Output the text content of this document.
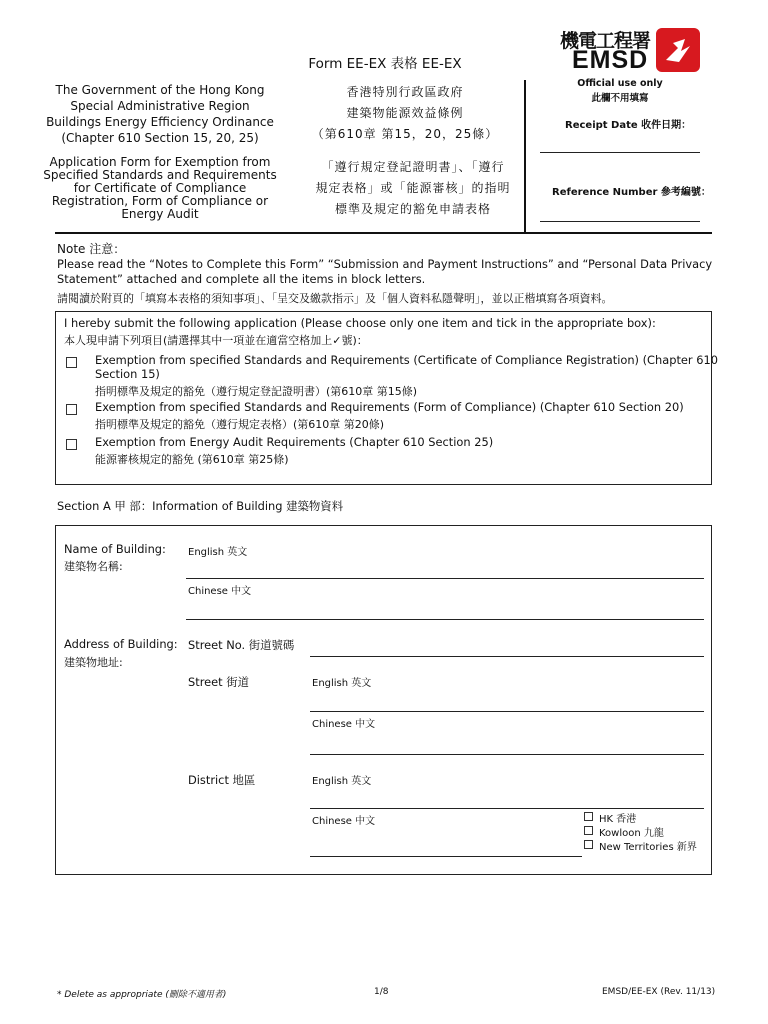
Form EE-EX 表格 EE-EX
The Government of the Hong Kong
Special Administrative Region
Buildings Energy Efficiency Ordinance
(Chapter 610 Section 15, 20, 25)
Application Form for Exemption from
Specified Standards and Requirements
for Certificate of Compliance
Registration, Form of Compliance or
Energy Audit
香港特別行政區政府
建築物能源效益條例
（第610章 第15，20，25條）
「遵行規定登記證明書」、「遵行
規定表格」或「能源審核」的指明
標準及規定的豁免申請表格
機電工程署
EMSD
Official use only
此欄不用填寫
Receipt Date 收件日期：
Reference Number 參考編號：
Note 注意：
Please read the “Notes to Complete this Form” “Submission and Payment Instructions” and “Personal Data Privacy
Statement” attached and complete all the items in block letters.
請閱讀於附頁的「填寫本表格的須知事項」、「呈交及繳款指示」及「個人資料私隱聲明」，並以正楷填寫各項資料。
I hereby submit the following application (Please choose only one item and tick in the appropriate box):
本人現申請下列項目(請選擇其中一項並在適當空格加上✓號)：
Exemption from specified Standards and Requirements (Certificate of Compliance Registration) (Chapter 610
Section 15)
指明標準及規定的豁免（遵行規定登記證明書）(第610章 第15條)
Exemption from specified Standards and Requirements (Form of Compliance) (Chapter 610 Section 20)
指明標準及規定的豁免（遵行規定表格）(第610章 第20條)
Exemption from Energy Audit Requirements (Chapter 610 Section 25)
能源審核規定的豁免 (第610章 第25條)
Section A 甲 部：Information of Building 建築物資料
Name of Building:
建築物名稱:
English 英文
Chinese 中文
Address of Building:
建築物地址:
Street No. 街道號碼
Street 街道	English 英文
Chinese 中文
District 地區	English 英文
Chinese 中文	HK 香港
Kowloon 九龍
New Territories 新界
* Delete as appropriate (刪除不適用者)	1/8	EMSD/EE-EX (Rev. 11/13)
